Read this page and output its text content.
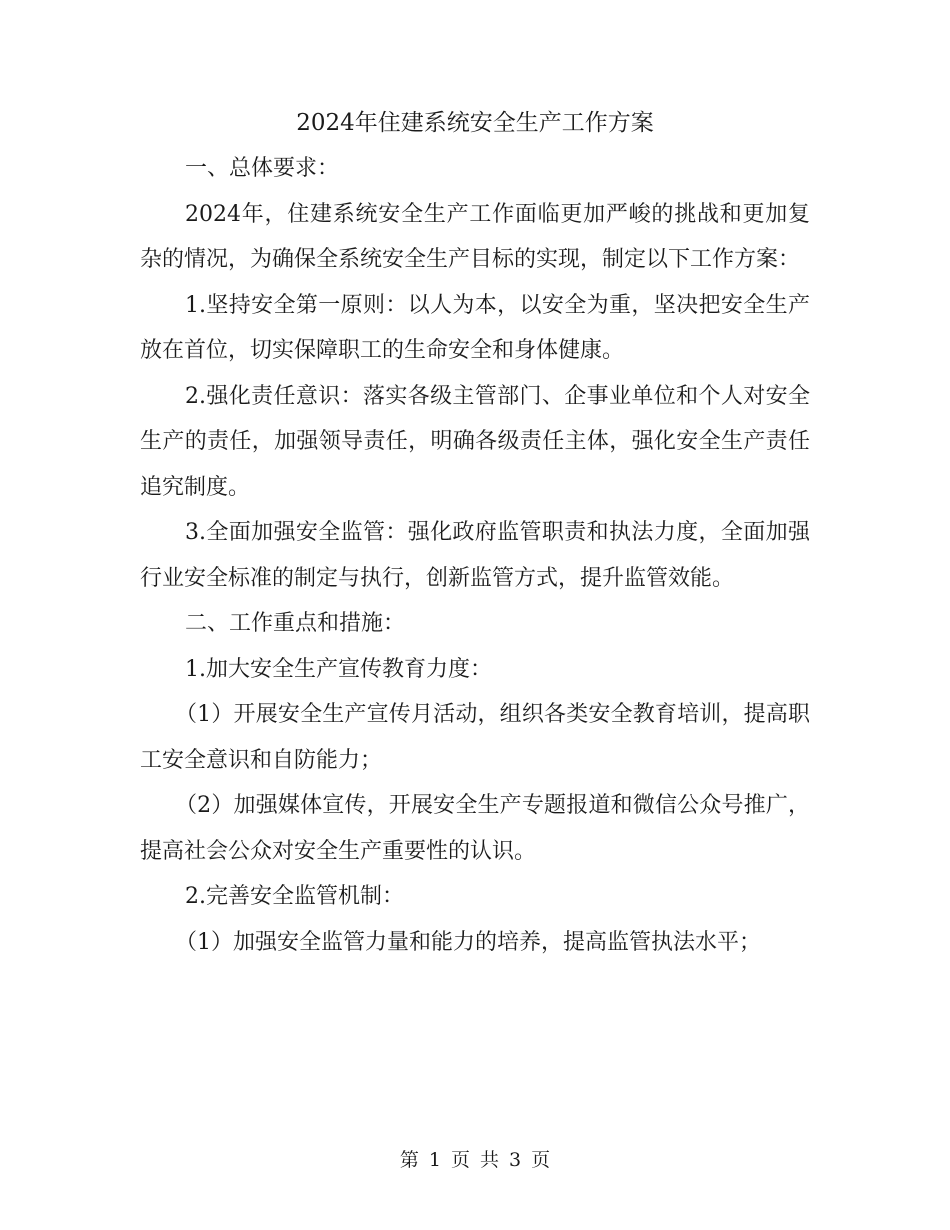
2024年住建系统安全生产工作方案

一、总体要求：

2024年，住建系统安全生产工作面临更加严峻的挑战和更加复杂的情况，为确保全系统安全生产目标的实现，制定以下工作方案：

1.坚持安全第一原则：以人为本，以安全为重，坚决把安全生产放在首位，切实保障职工的生命安全和身体健康。

2.强化责任意识：落实各级主管部门、企事业单位和个人对安全生产的责任，加强领导责任，明确各级责任主体，强化安全生产责任追究制度。

3.全面加强安全监管：强化政府监管职责和执法力度，全面加强行业安全标准的制定与执行，创新监管方式，提升监管效能。

二、工作重点和措施：

1.加大安全生产宣传教育力度：

（1）开展安全生产宣传月活动，组织各类安全教育培训，提高职工安全意识和自防能力；

（2）加强媒体宣传，开展安全生产专题报道和微信公众号推广，提高社会公众对安全生产重要性的认识。

2.完善安全监管机制：

（1）加强安全监管力量和能力的培养，提高监管执法水平；

第 1 页 共 3 页
